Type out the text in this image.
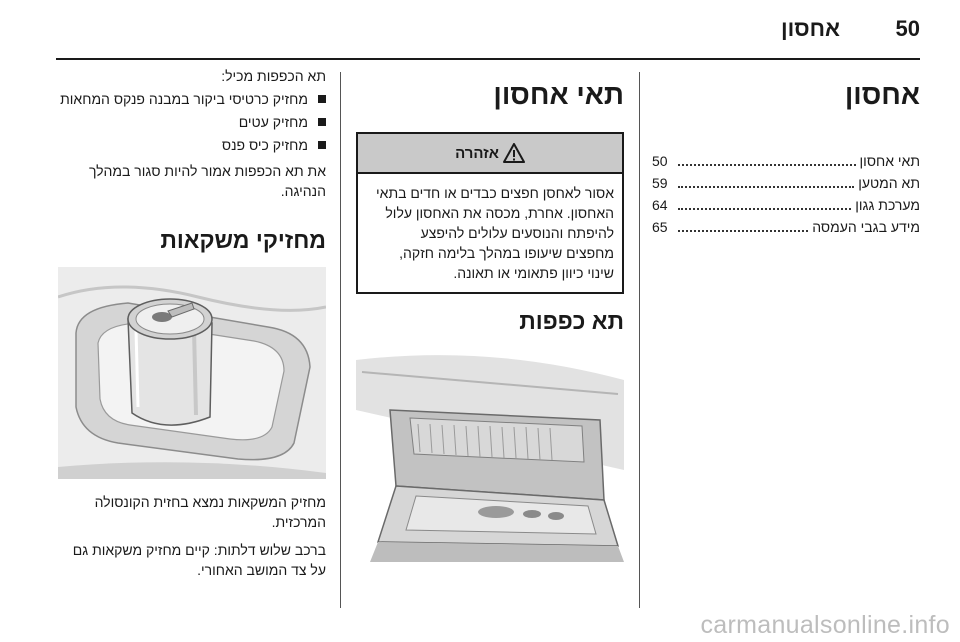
50
אחסון
אחסון
תאי אחסון
50
תא המטען
59
מערכת גגון
64
מידע בגבי העמסה
65
תאי אחסון
אזהרה
אסור לאחסן חפצים כבדים או חדים בתאי האחסון. אחרת, מכסה את האחסון עלול להיפתח והנוסעים עלולים להיפצע מחפצים שיעופו במהלך בלימה חזקה, שינוי כיוון פתאומי או תאונה.
תא כפפות
תא הכפפות מכיל:
מחזיק כרטיסי ביקור במבנה פנקס המחאות
מחזיק עטים
מחזיק כיס פנס
את תא הכפפות אמור להיות סגור במהלך הנהיגה.
מחזיקי משקאות
מחזיק המשקאות נמצא בחזית הקונסולה המרכזית.
ברכב שלוש דלתות: קיים מחזיק משקאות גם על צד המושב האחורי.
carmanualsonline.info
